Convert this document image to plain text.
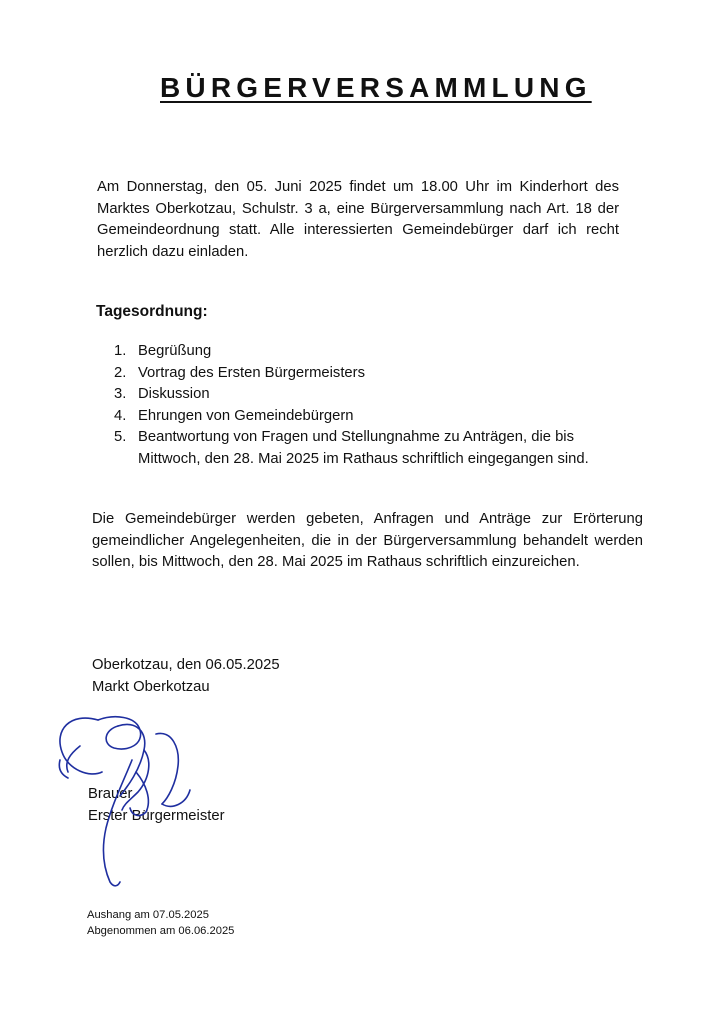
BÜRGERVERSAMMLUNG

Am Donnerstag, den 05. Juni 2025 findet um 18.00 Uhr im Kinderhort des Marktes Oberkotzau, Schulstr. 3 a, eine Bürgerversammlung nach Art. 18 der Gemeindeordnung statt. Alle interessierten Gemeindebürger darf ich recht herzlich dazu einladen.

Tagesordnung:

1. Begrüßung
2. Vortrag des Ersten Bürgermeisters
3. Diskussion
4. Ehrungen von Gemeindebürgern
5. Beantwortung von Fragen und Stellungnahme zu Anträgen, die bis Mittwoch, den 28. Mai 2025 im Rathaus schriftlich eingegangen sind.

Die Gemeindebürger werden gebeten, Anfragen und Anträge zur Erörterung gemeindlicher Angelegenheiten, die in der Bürgerversammlung behandelt werden sollen, bis Mittwoch, den 28. Mai 2025 im Rathaus schriftlich einzureichen.

Oberkotzau, den 06.05.2025
Markt Oberkotzau
Brauer
Erster Bürgermeister
Aushang am 07.05.2025
Abgenommen am 06.06.2025
